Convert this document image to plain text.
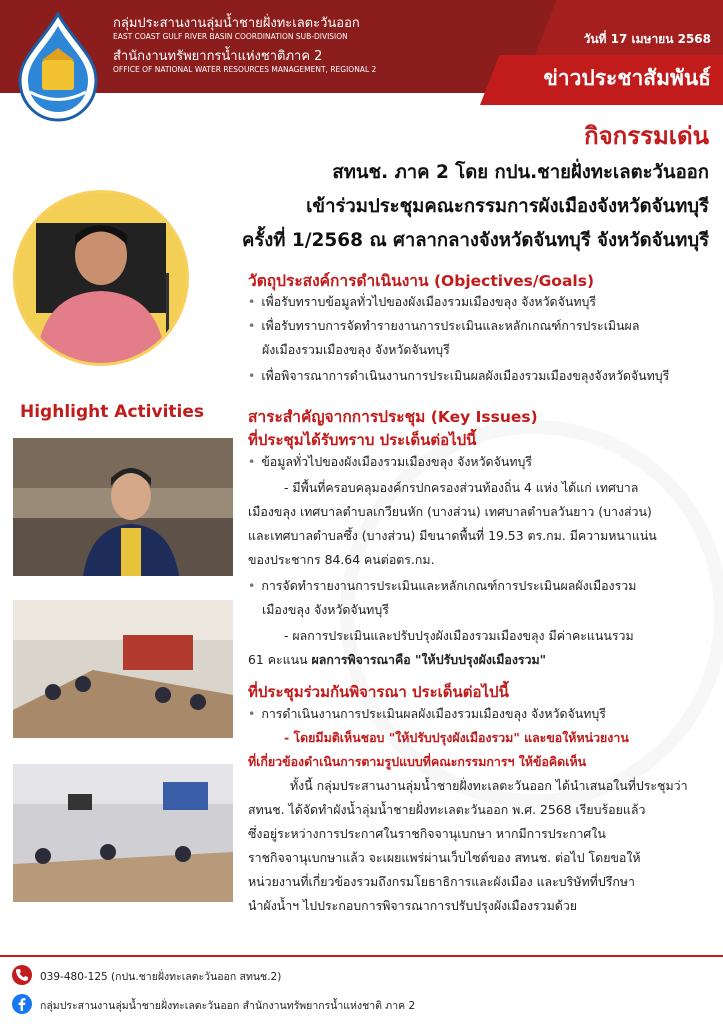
กลุ่มประสานงานลุ่มน้ำชายฝั่งทะเลตะวันออก
EAST COAST GULF RIVER BASIN COORDINATION SUB-DIVISION
สำนักงานทรัพยากรน้ำแห่งชาติภาค 2
OFFICE OF NATIONAL WATER RESOURCES MANAGEMENT, REGIONAL 2
วันที่ 17 เมษายน 2568
ข่าวประชาสัมพันธ์
กิจกรรมเด่น
สทนช. ภาค 2 โดย กปน.ชายฝั่งทะเลตะวันออก
เข้าร่วมประชุมคณะกรรมการผังเมืองจังหวัดจันทบุรี
ครั้งที่ 1/2568 ณ ศาลากลางจังหวัดจันทบุรี จังหวัดจันทบุรี
วัตถุประสงค์การดำเนินงาน (Objectives/Goals)
• เพื่อรับทราบข้อมูลทั่วไปของผังเมืองรวมเมืองขลุง จังหวัดจันทบุรี
• เพื่อรับทราบการจัดทำรายงานการประเมินและหลักเกณฑ์การประเมินผล
ผังเมืองรวมเมืองขลุง จังหวัดจันทบุรี
• เพื่อพิจารณาการดำเนินงานการประเมินผลผังเมืองรวมเมืองขลุงจังหวัดจันทบุรี
Highlight Activities	สาระสำคัญจากการประชุม (Key Issues)
ที่ประชุมได้รับทราบ ประเด็นต่อไปนี้
• ข้อมูลทั่วไปของผังเมืองรวมเมืองขลุง จังหวัดจันทบุรี
- มีพื้นที่ครอบคลุมองค์กรปกครองส่วนท้องถิ่น 4 แห่ง ได้แก่ เทศบาล
เมืองขลุง เทศบาลตำบลเกวียนหัก (บางส่วน) เทศบาลตำบลวันยาว (บางส่วน)
และเทศบาลตำบลซึ้ง (บางส่วน) มีขนาดพื้นที่ 19.53 ตร.กม. มีความหนาแน่น
ของประชากร 84.64 คนต่อตร.กม.
• การจัดทำรายงานการประเมินและหลักเกณฑ์การประเมินผลผังเมืองรวม
เมืองขลุง จังหวัดจันทบุรี
- ผลการประเมินและปรับปรุงผังเมืองรวมเมืองขลุง มีค่าคะแนนรวม
61 คะแนน ผลการพิจารณาคือ "ให้ปรับปรุงผังเมืองรวม"
ที่ประชุมร่วมกันพิจารณา ประเด็นต่อไปนี้
• การดำเนินงานการประเมินผลผังเมืองรวมเมืองขลุง จังหวัดจันทบุรี
- โดยมีมติเห็นชอบ "ให้ปรับปรุงผังเมืองรวม" และขอให้หน่วยงาน
ที่เกี่ยวข้องดำเนินการตามรูปแบบที่คณะกรรมการฯ ให้ข้อคิดเห็น
ทั้งนี้ กลุ่มประสานงานลุ่มน้ำชายฝั่งทะเลตะวันออก ได้นำเสนอในที่ประชุมว่า
สทนช. ได้จัดทำผังน้ำลุ่มน้ำชายฝั่งทะเลตะวันออก พ.ศ. 2568 เรียบร้อยแล้ว
ซึ่งอยู่ระหว่างการประกาศในราชกิจจานุเบกษา หากมีการประกาศใน
ราชกิจจานุเบกษาแล้ว จะเผยแพร่ผ่านเว็บไซต์ของ สทนช. ต่อไป โดยขอให้
หน่วยงานที่เกี่ยวข้องรวมถึงกรมโยธาธิการและผังเมือง และบริษัทที่ปรึกษา
นำผังน้ำฯ ไปประกอบการพิจารณาการปรับปรุงผังเมืองรวมด้วย
039-480-125 (กปน.ชายฝั่งทะเลตะวันออก สทนช.2)
กลุ่มประสานงานลุ่มน้ำชายฝั่งทะเลตะวันออก สำนักงานทรัพยากรน้ำแห่งชาติ ภาค 2
